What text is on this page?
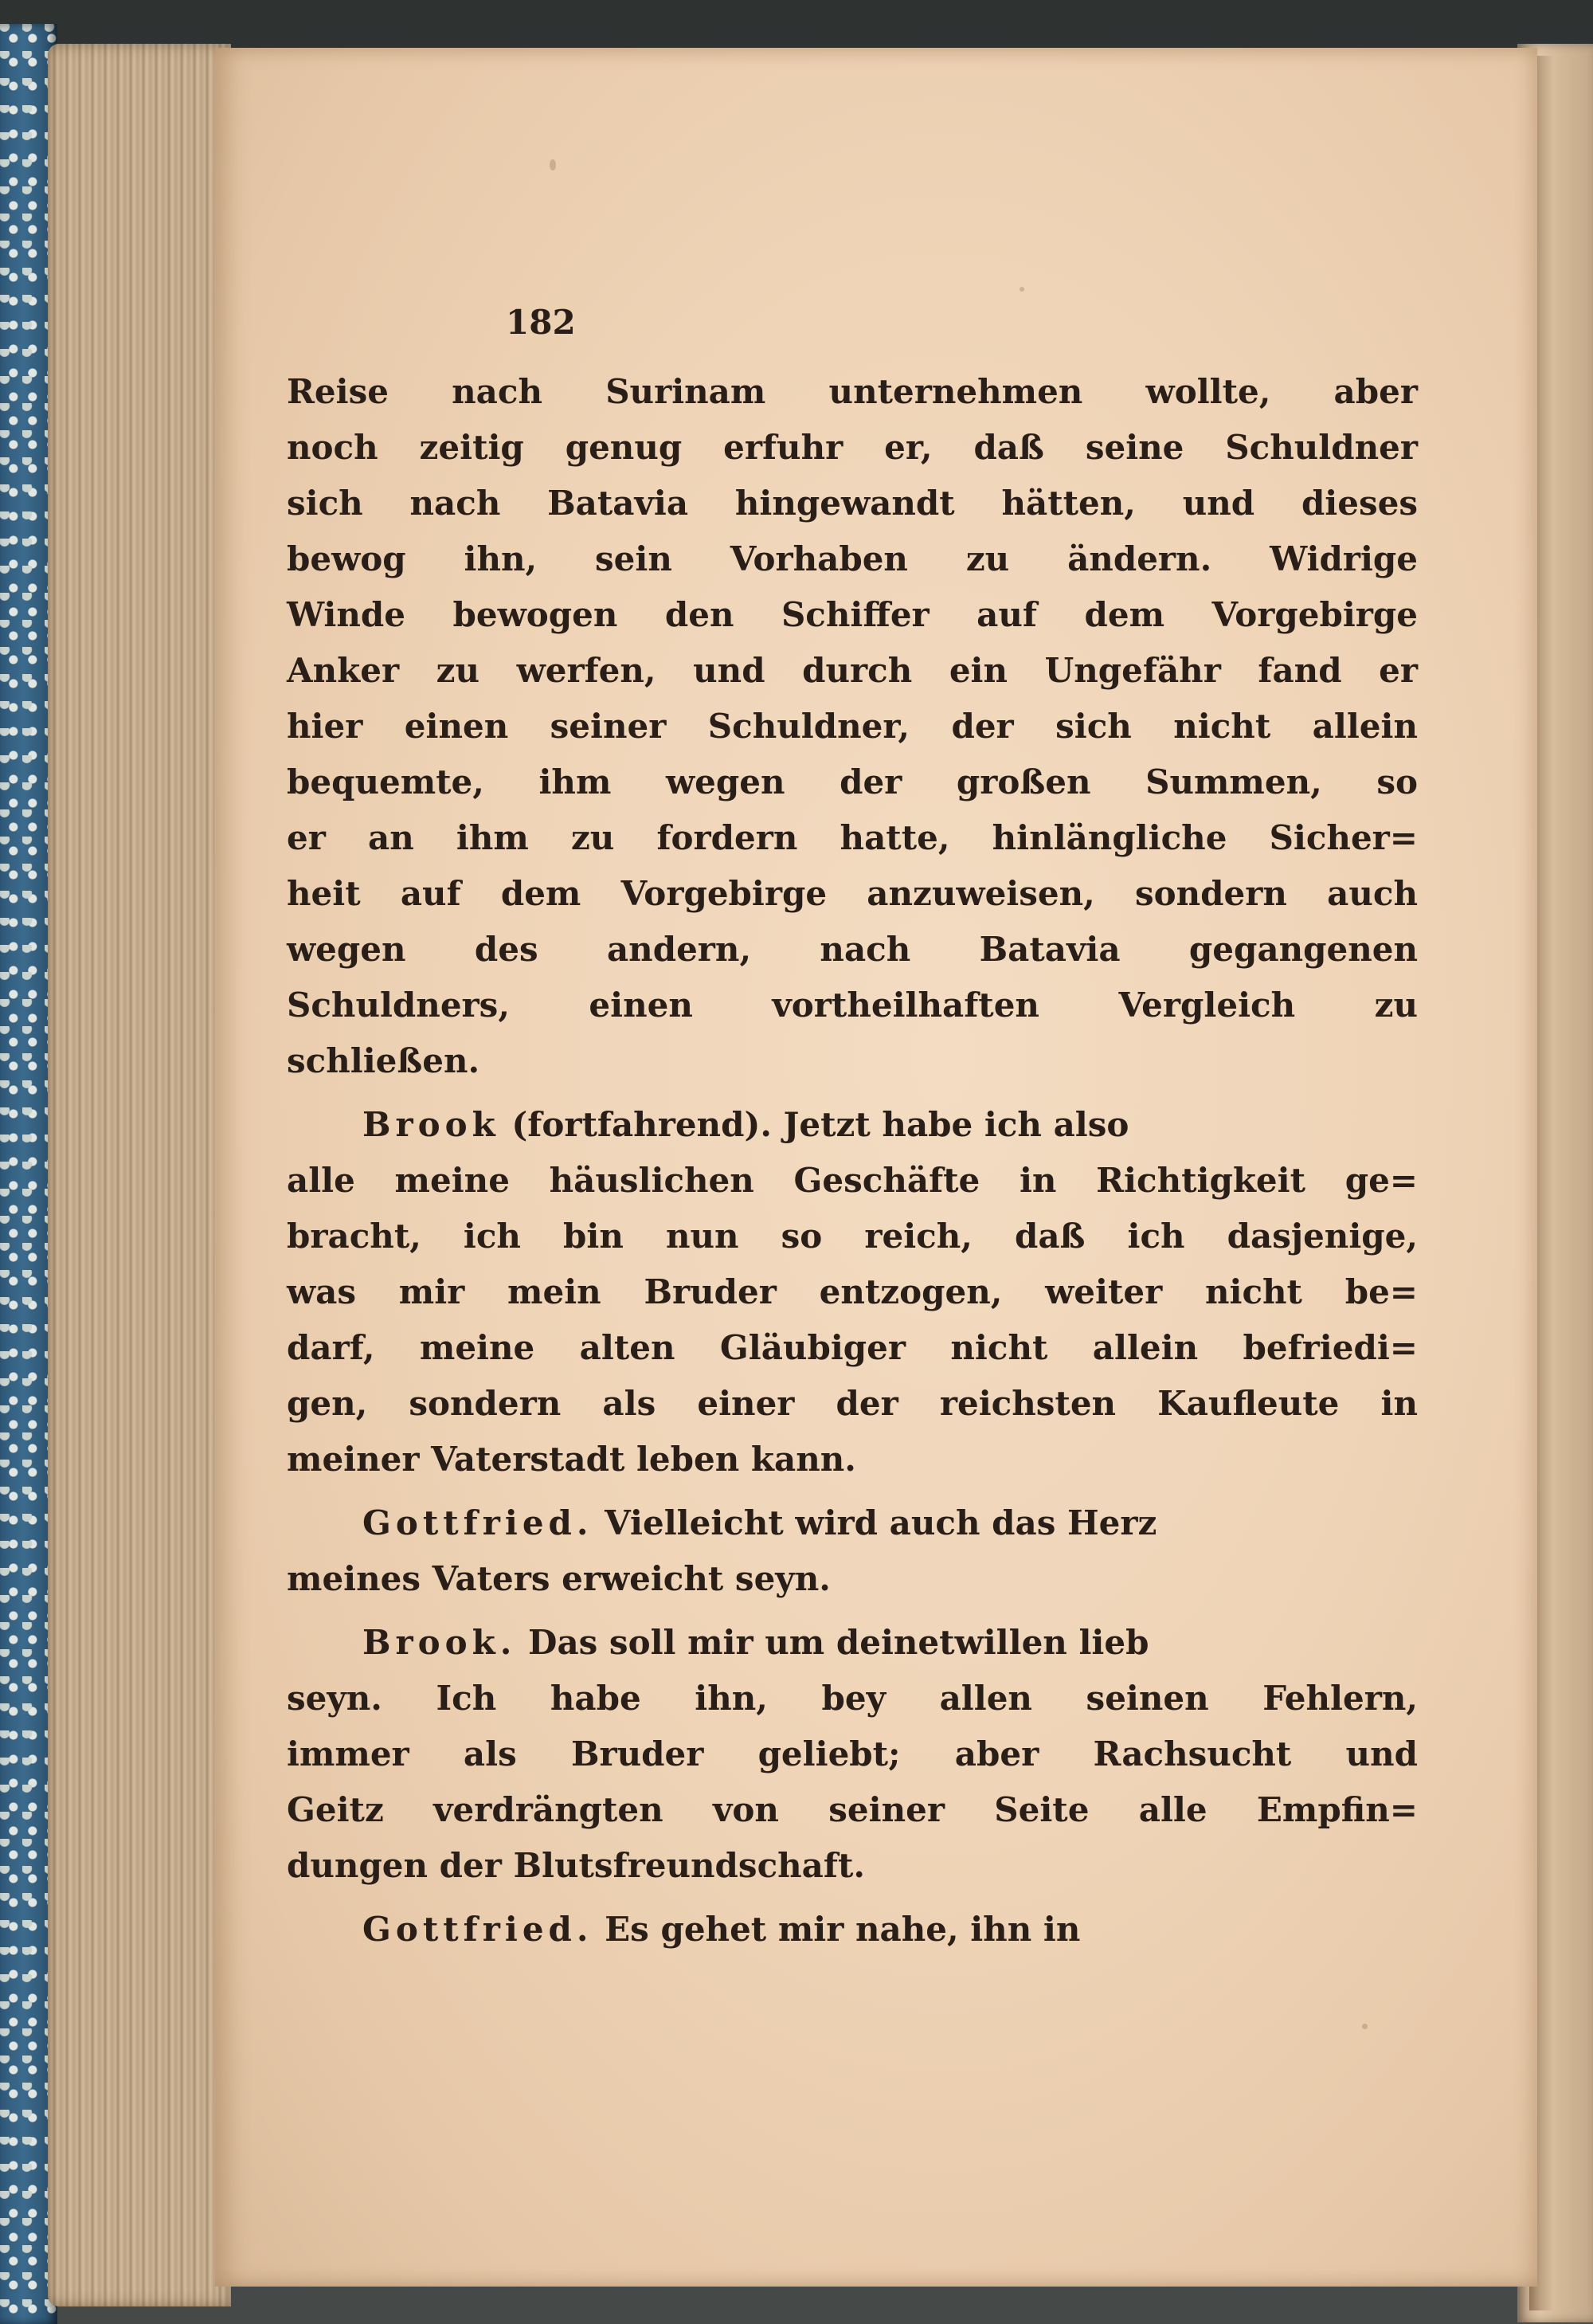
182
Reise nach Surinam unternehmen wollte, aber
noch zeitig genug erfuhr er, daß seine Schuldner
sich nach Batavia hingewandt hätten, und dieses
bewog ihn, sein Vorhaben zu ändern. Widrige
Winde bewogen den Schiffer auf dem Vorgebirge
Anker zu werfen, und durch ein Ungefähr fand er
hier einen seiner Schuldner, der sich nicht allein
bequemte, ihm wegen der großen Summen, so
er an ihm zu fordern hatte, hinlängliche Sicher=
heit auf dem Vorgebirge anzuweisen, sondern auch
wegen des andern, nach Batavia gegangenen
Schuldners, einen vortheilhaften Vergleich zu
schließen.
Brook (fortfahrend). Jetzt habe ich also
alle meine häuslichen Geschäfte in Richtigkeit ge=
bracht, ich bin nun so reich, daß ich dasjenige,
was mir mein Bruder entzogen, weiter nicht be=
darf, meine alten Gläubiger nicht allein befriedi=
gen, sondern als einer der reichsten Kaufleute in
meiner Vaterstadt leben kann.
Gottfried. Vielleicht wird auch das Herz
meines Vaters erweicht seyn.
Brook. Das soll mir um deinetwillen lieb
seyn. Ich habe ihn, bey allen seinen Fehlern,
immer als Bruder geliebt; aber Rachsucht und
Geitz verdrängten von seiner Seite alle Empfin=
dungen der Blutsfreundschaft.
Gottfried. Es gehet mir nahe, ihn in
